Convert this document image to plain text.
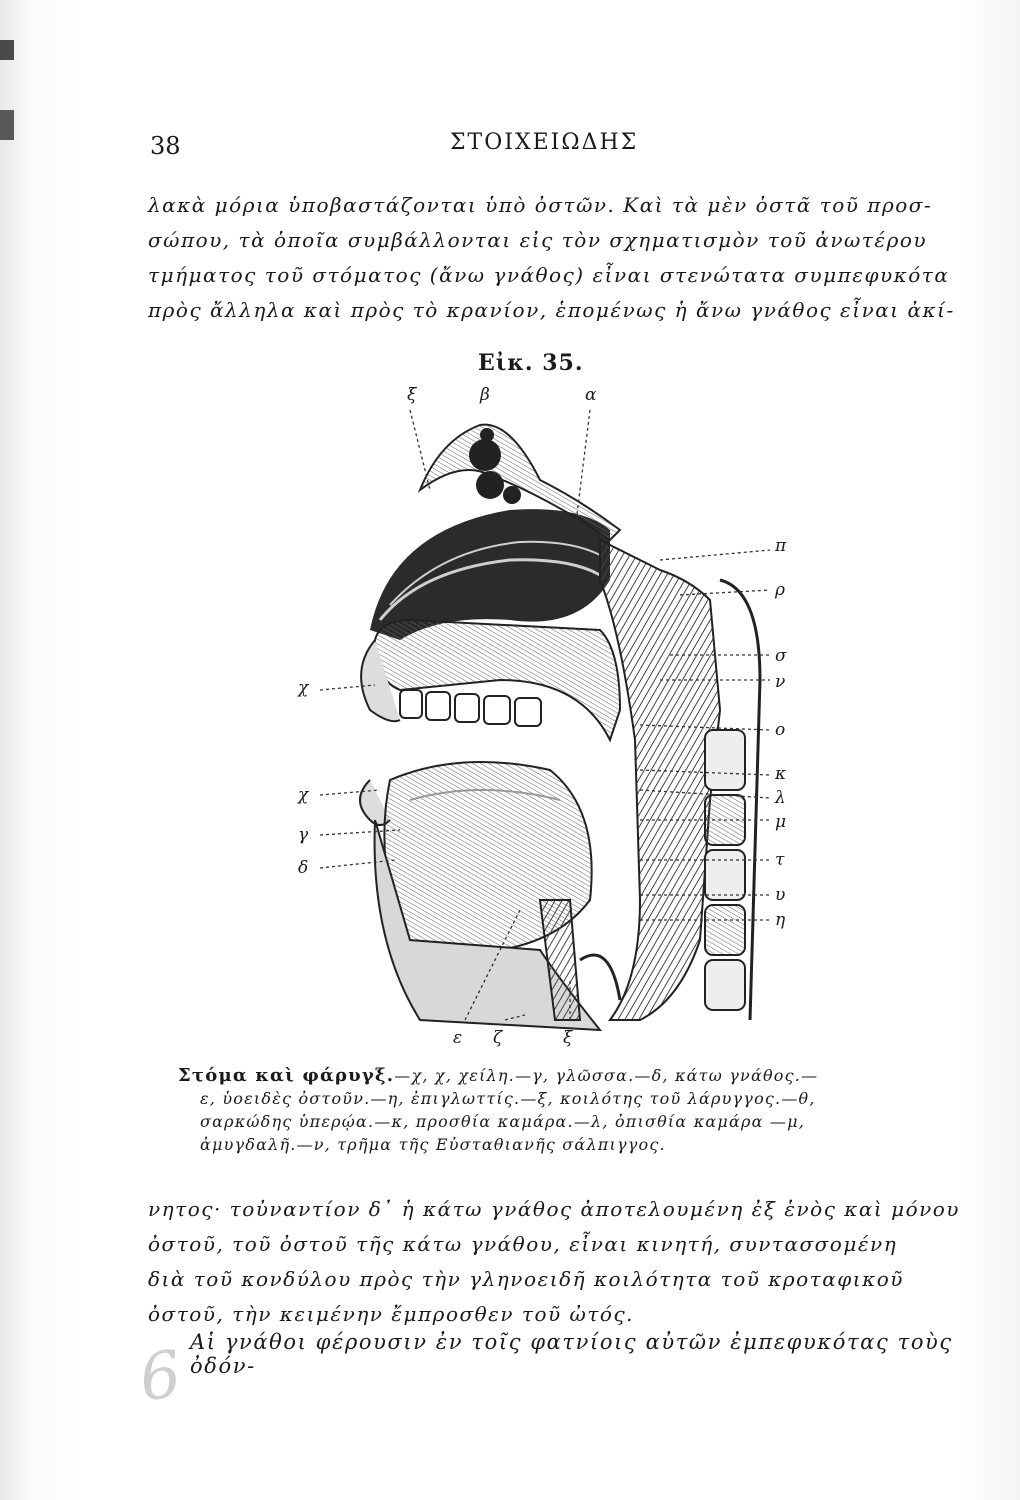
38	ΣΤΟΙΧΕΙΩΔΗΣ
λακὰ μόρια ὑποβαστάζονται ὑπὸ ὀστῶν. Καὶ τὰ μὲν ὀστᾶ τοῦ προσ-
σώπου, τὰ ὁποῖα συμβάλλονται εἰς τὸν σχηματισμὸν τοῦ ἀνωτέρου
τμήματος τοῦ στόματος (ἄνω γνάθος) εἶναι στενώτατα συμπεφυκότα
πρὸς ἄλληλα καὶ πρὸς τὸ κρανίον, ἑπομένως ἡ ἄνω γνάθος εἶναι ἀκί-
Εἰκ. 35.
ξ	β	α
χ
χ
γ
δ
π
ρ
σ
ν
ο
κ
λ
μ
τ
υ
η
ε ζ	ξ
Στόμα καὶ φάρυγξ.—χ, χ, χείλη.—γ, γλῶσσα.—δ, κάτω γνάθος.—
ε, ὑοειδὲς ὀστοῦν.—η, ἐπιγλωττίς.—ξ, κοιλότης τοῦ λάρυγγος.—θ,
σαρκώδης ὑπερῴα.—κ, προσθία καμάρα.—λ, ὀπισθία καμάρα —μ,
ἀμυγδαλῆ.—ν, τρῆμα τῆς Εὐσταθιανῆς σάλπιγγος.
νητος· τοὐναντίον δ᾽ ἡ κάτω γνάθος ἀποτελουμένη ἐξ ἑνὸς καὶ μόνου
ὀστοῦ, τοῦ ὀστοῦ τῆς κάτω γνάθου, εἶναι κινητή, συντασσομένη
διὰ τοῦ κονδύλου πρὸς τὴν γληνοειδῆ κοιλότητα τοῦ κροταφικοῦ
ὀστοῦ, τὴν κειμένην ἔμπροσθεν τοῦ ὠτός.
Αἱ γνάθοι φέρουσιν ἐν τοῖς φατνίοις αὐτῶν ἐμπεφυκότας τοὺς ὀδόν-
6
